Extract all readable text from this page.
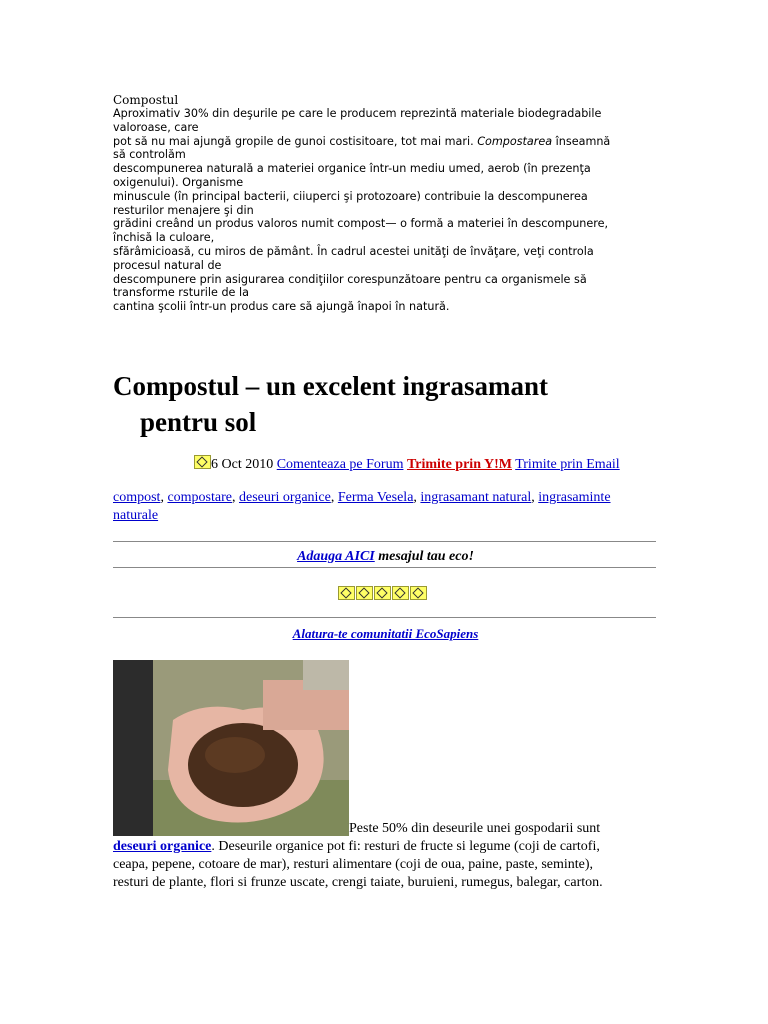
Compostul
Aproximativ 30% din deşurile pe care le producem reprezintă materiale biodegradabile
valoroase, care
pot să nu mai ajungă gropile de gunoi costisitoare, tot mai mari. Compostarea înseamnă
să controlăm
descompunerea naturală a materiei organice într-un mediu umed, aerob (în prezenţa
oxigenului). Organisme
minuscule (în principal bacterii, ciiuperci şi protozoare) contribuie la descompunerea
resturilor menajere şi din
grădini creând un produs valoros numit compost— o formă a materiei în descompunere,
închisă la culoare,
sfărâmicioasă, cu miros de pământ. În cadrul acestei unităţi de învăţare, veţi controla
procesul natural de
descompunere prin asigurarea condiţiilor corespunzătoare pentru ca organismele să
transforme rsturile de la
cantina şcolii într-un produs care să ajungă înapoi în natură.
Compostul – un excelent ingrasamant
pentru sol
6 Oct 2010 Comenteaza pe Forum Trimite prin Y!M Trimite prin Email
compost, compostare, deseuri organice, Ferma Vesela, ingrasamant natural, ingrasaminte naturale
Adauga AICI mesajul tau eco!
Alatura-te comunitatii EcoSapiens
Peste 50% din deseurile unei gospodarii sunt
deseuri organice. Deseurile organice pot fi: resturi de fructe si legume (coji de cartofi,
ceapa, pepene, cotoare de mar), resturi alimentare (coji de oua, paine, paste, seminte),
resturi de plante, flori si frunze uscate, crengi taiate, buruieni, rumegus, balegar, carton.
